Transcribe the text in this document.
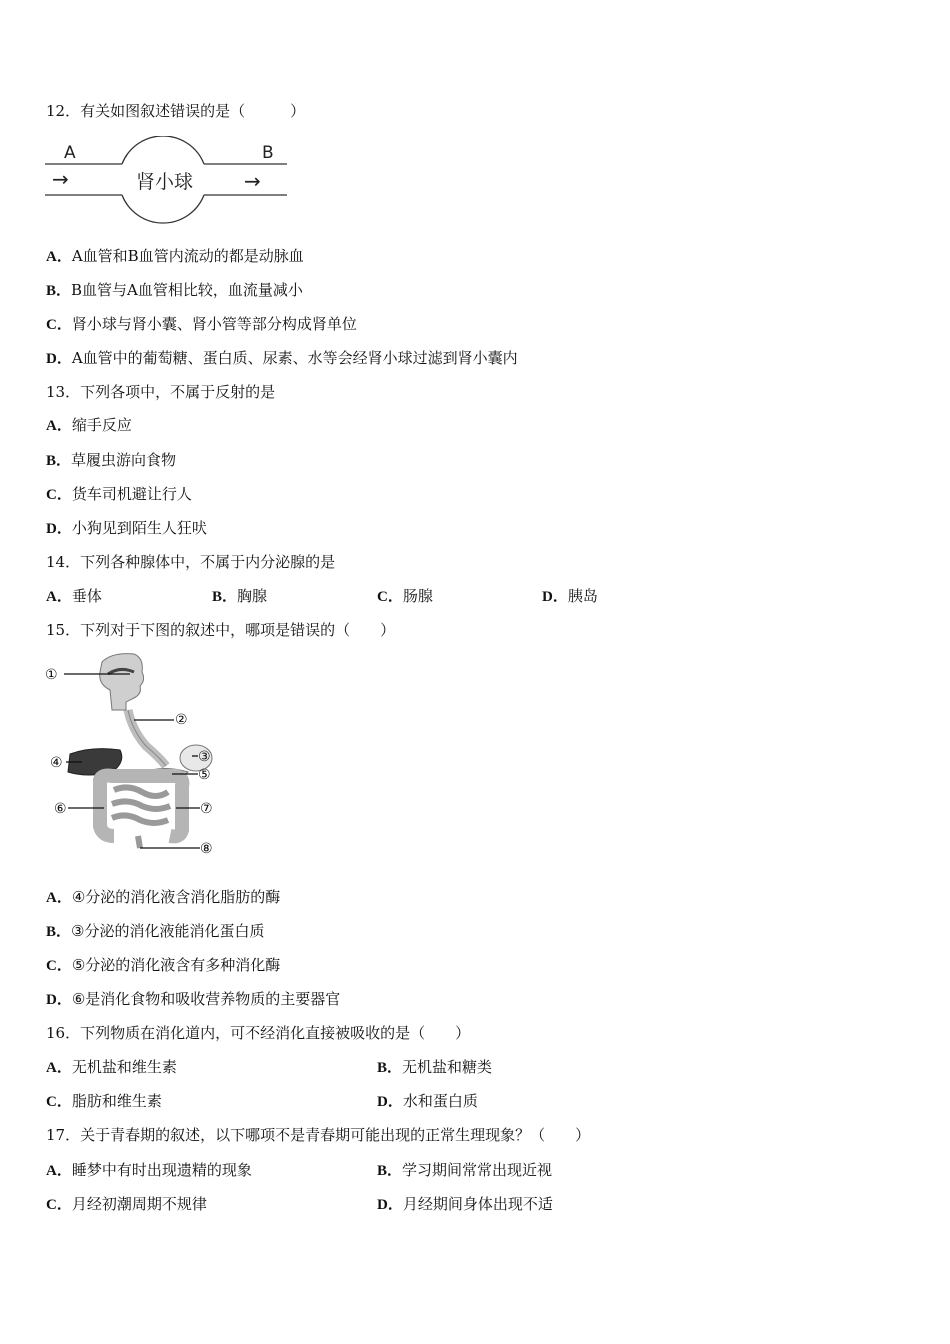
12．有关如图叙述错误的是（　　　）
A	B
→	→
肾小球
A．A血管和B血管内流动的都是动脉血
B．B血管与A血管相比较，血流量减小
C．肾小球与肾小囊、肾小管等部分构成肾单位
D．A血管中的葡萄糖、蛋白质、尿素、水等会经肾小球过滤到肾小囊内
13．下列各项中，不属于反射的是
A．缩手反应
B．草履虫游向食物
C．货车司机避让行人
D．小狗见到陌生人狂吠
14．下列各种腺体中，不属于内分泌腺的是
A．垂体	B．胸腺	C．肠腺	D．胰岛
15．下列对于下图的叙述中，哪项是错误的（　　）
①
②
③
④
⑤
⑥	⑦
⑧
A．④分泌的消化液含消化脂肪的酶
B．③分泌的消化液能消化蛋白质
C．⑤分泌的消化液含有多种消化酶
D．⑥是消化食物和吸收营养物质的主要器官
16．下列物质在消化道内，可不经消化直接被吸收的是（　　）
A．无机盐和维生素	B．无机盐和糖类
C．脂肪和维生素	D．水和蛋白质
17．关于青春期的叙述，以下哪项不是青春期可能出现的正常生理现象？（　　）
A．睡梦中有时出现遗精的现象	B．学习期间常常出现近视
C．月经初潮周期不规律	D．月经期间身体出现不适
